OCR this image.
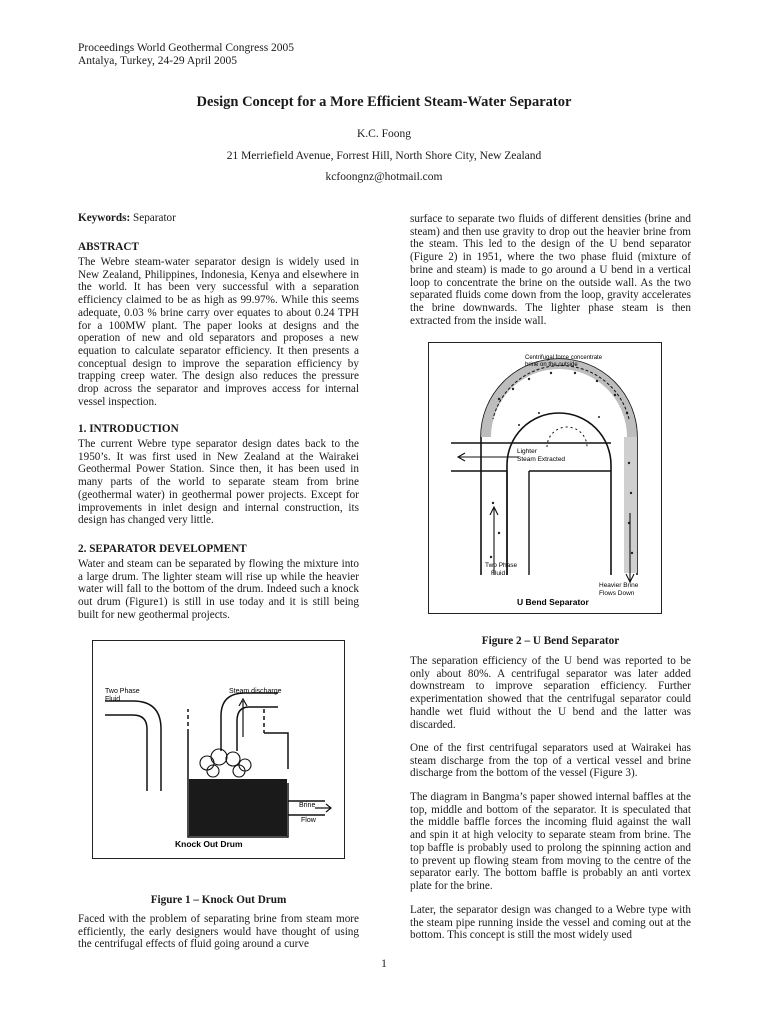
Proceedings World Geothermal Congress 2005
Antalya, Turkey, 24-29 April 2005
Design Concept for a More Efficient Steam-Water Separator
K.C. Foong
21 Merriefield Avenue, Forrest Hill, North Shore City, New Zealand
kcfoongnz@hotmail.com
Keywords: Separator
ABSTRACT
The Webre steam-water separator design is widely used in New Zealand, Philippines, Indonesia, Kenya and elsewhere in the world. It has been very successful with a separation efficiency claimed to be as high as 99.97%. While this seems adequate, 0.03 % brine carry over equates to about 0.24 TPH for a 100MW plant. The paper looks at designs and the operation of new and old separators and proposes a new equation to calculate separator efficiency. It then presents a conceptual design to improve the separation efficiency by trapping creep water. The design also reduces the pressure drop across the separator and improves access for internal vessel inspection.
1. INTRODUCTION
The current Webre type separator design dates back to the 1950’s. It was first used in New Zealand at the Wairakei Geothermal Power Station. Since then, it has been used in many parts of the world to separate steam from brine (geothermal water) in geothermal power projects. Except for improvements in inlet design and internal construction, its design has changed very little.
2. SEPARATOR DEVELOPMENT
Water and steam can be separated by flowing the mixture into a large drum. The lighter steam will rise up while the heavier water will fall to the bottom of the drum. Indeed such a knock out drum (Figure1) is still in use today and it is still being built for new geothermal projects.
Two Phase
Fluid
Steam discharge
Brine
Flow
Knock Out Drum
Figure 1 – Knock Out Drum
Faced with the problem of separating brine from steam more efficiently, the early designers would have thought of using the centrifugal effects of fluid going around a curve
surface to separate two fluids of different densities (brine and steam) and then use gravity to drop out the heavier brine from the steam. This led to the design of the U bend separator (Figure 2) in 1951, where the two phase fluid (mixture of brine and steam) is made to go around a U bend in a vertical loop to concentrate the brine on the outside wall. As the two separated fluids come down from the loop, gravity accelerates the brine downwards. The lighter phase steam is then extracted from the inside wall.
Centrifugal force concentrate
brine on the outside
Lighter
Steam Extracted
Two Phase
Fluid
Heavier Brine
Flows Down
U Bend Separator
Figure 2 – U Bend Separator
The separation efficiency of the U bend was reported to be only about 80%. A centrifugal separator was later added downstream to improve separation efficiency. Further experimentation showed that the centrifugal separator could handle wet fluid without the U bend and the latter was discarded.
One of the first centrifugal separators used at Wairakei has steam discharge from the top of a vertical vessel and brine discharge from the bottom of the vessel (Figure 3).
The diagram in Bangma’s paper showed internal baffles at the top, middle and bottom of the separator. It is speculated that the middle baffle forces the incoming fluid against the wall and spin it at high velocity to separate steam from brine. The top baffle is probably used to prolong the spinning action and to prevent up flowing steam from moving to the centre of the separator early. The bottom baffle is probably an anti vortex plate for the brine.
Later, the separator design was changed to a Webre type with the steam pipe running inside the vessel and coming out at the bottom. This concept is still the most widely used
1
